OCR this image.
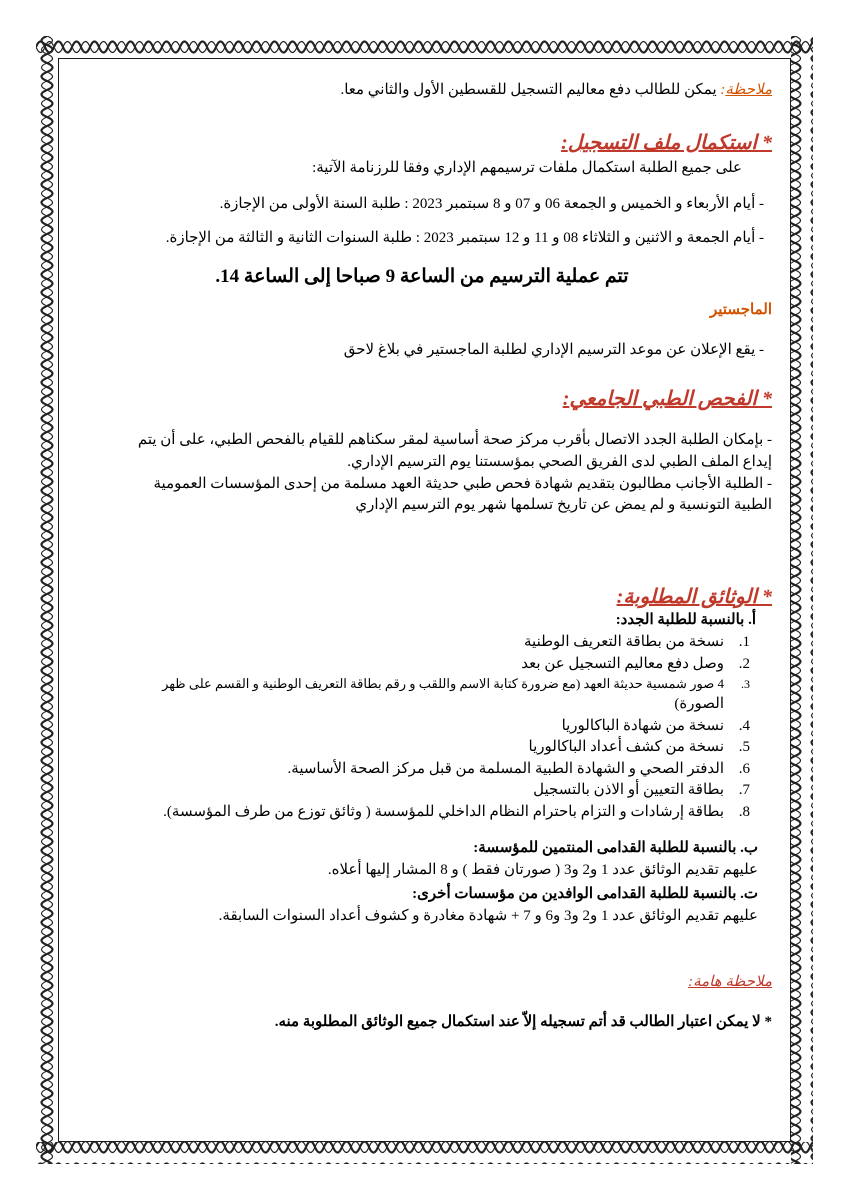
ملاحظة: يمكن للطالب دفع معاليم التسجيل للقسطين الأول والثاني معا.
* استكمال ملف التسجيل:
على جميع الطلبة استكمال ملفات ترسيمهم الإداري وفقا للرزنامة الآتية:
- أيام الأربعاء و الخميس و الجمعة 06 و 07 و 8 سبتمبر 2023 : طلبة السنة الأولى من الإجازة.
- أيام الجمعة و الاثنين و الثلاثاء 08 و 11 و 12 سبتمبر 2023 : طلبة السنوات الثانية و الثالثة من الإجازة.
تتم عملية الترسيم من الساعة 9 صباحا إلى الساعة 14.
الماجستير
- يقع الإعلان عن موعد الترسيم الإداري لطلبة الماجستير في بلاغ لاحق
* الفحص الطبي الجامعي:
- بإمكان الطلبة الجدد الاتصال بأقرب مركز صحة أساسية لمقر سكناهم للقيام بالفحص الطبي، على أن يتم
إيداع الملف الطبي لدى الفريق الصحي بمؤسستنا يوم الترسيم الإداري.
- الطلبة الأجانب مطالبون بتقديم شهادة فحص طبي حديثة العهد مسلمة من إحدى المؤسسات العمومية
الطبية التونسية و لم يمض عن تاريخ تسلمها شهر يوم الترسيم الإداري
* الوثائق المطلوبة:
أ. بالنسبة للطلبة الجدد:
1.نسخة من بطاقة التعريف الوطنية
2.وصل دفع معاليم التسجيل عن بعد
3.4 صور شمسية حديثة العهد (مع ضرورة كتابة الاسم واللقب و رقم بطاقة التعريف الوطنية و القسم على ظهر
الصورة)
4.نسخة من شهادة الباكالوريا
5.نسخة من كشف أعداد الباكالوريا
6.الدفتر الصحي و الشهادة الطبية المسلمة من قبل مركز الصحة الأساسية.
7.بطاقة التعيين أو الاذن بالتسجيل
8.بطاقة إرشادات و التزام باحترام النظام الداخلي للمؤسسة ( وثائق توزع من طرف المؤسسة).
ب. بالنسبة للطلبة القدامى المنتمين للمؤسسة:
عليهم تقديم الوثائق عدد 1 و2 و3 ( صورتان فقط ) و 8 المشار إليها أعلاه.
ت. بالنسبة للطلبة القدامى الوافدين من مؤسسات أخرى:
عليهم تقديم الوثائق عدد 1 و2 و3 و6 و 7 + شهادة مغادرة و كشوف أعداد السنوات السابقة.
ملاحظة هامة:
* لا يمكن اعتبار الطالب قد أتم تسجيله إلاّ عند استكمال جميع الوثائق المطلوبة منه.
